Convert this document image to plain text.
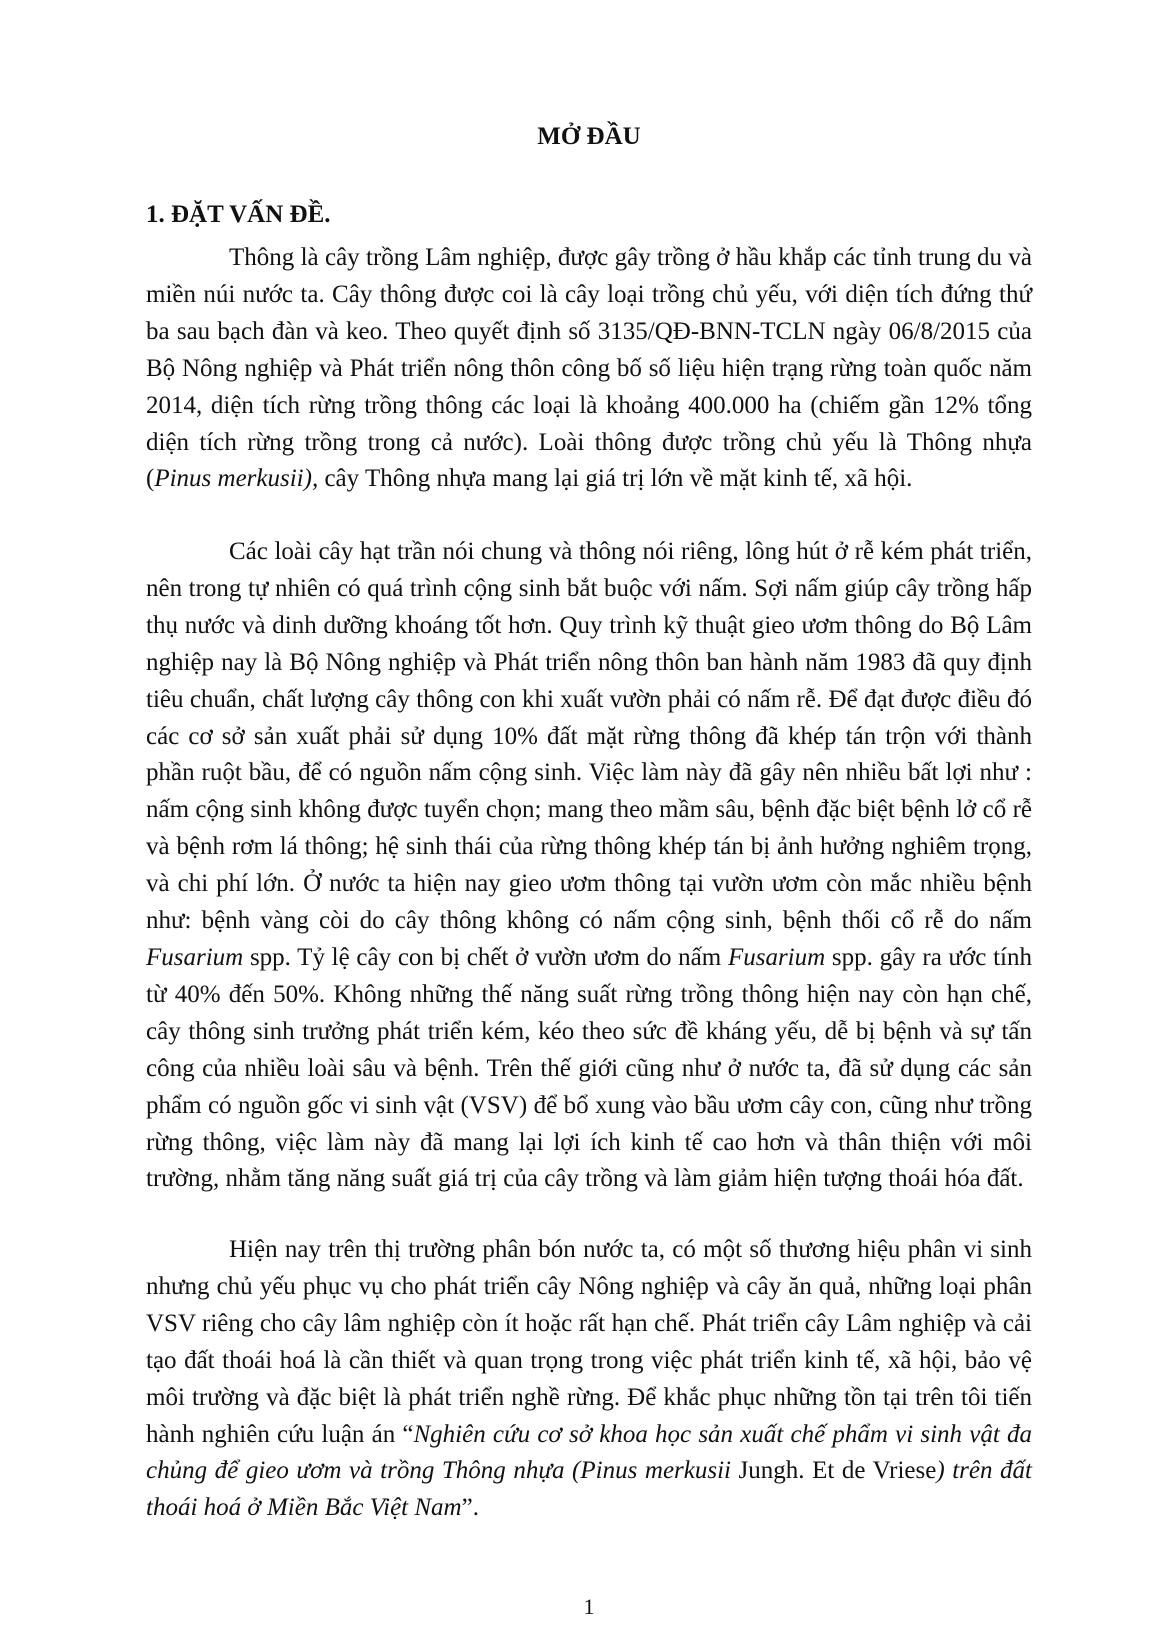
MỞ ĐẦU
1. ĐẶT VẤN ĐỀ.

Thông là cây trồng Lâm nghiệp, được gây trồng ở hầu khắp các tỉnh trung du và miền núi nước ta. Cây thông được coi là cây loại trồng chủ yếu, với diện tích đứng thứ ba sau bạch đàn và keo. Theo quyết định số 3135/QĐ-BNN-TCLN ngày 06/8/2015 của Bộ Nông nghiệp và Phát triển nông thôn công bố số liệu hiện trạng rừng toàn quốc năm 2014, diện tích rừng trồng thông các loại là khoảng 400.000 ha (chiếm gần 12% tổng diện tích rừng trồng trong cả nước). Loài thông được trồng chủ yếu là Thông nhựa (Pinus merkusii), cây Thông nhựa mang lại giá trị lớn về mặt kinh tế, xã hội.

Các loài cây hạt trần nói chung và thông nói riêng, lông hút ở rễ kém phát triển, nên trong tự nhiên có quá trình cộng sinh bắt buộc với nấm. Sợi nấm giúp cây trồng hấp thụ nước và dinh dưỡng khoáng tốt hơn. Quy trình kỹ thuật gieo ươm thông do Bộ Lâm nghiệp nay là Bộ Nông nghiệp và Phát triển nông thôn ban hành năm 1983 đã quy định tiêu chuẩn, chất lượng cây thông con khi xuất vườn phải có nấm rễ. Để đạt được điều đó các cơ sở sản xuất phải sử dụng 10% đất mặt rừng thông đã khép tán trộn với thành phần ruột bầu, để có nguồn nấm cộng sinh. Việc làm này đã gây nên nhiều bất lợi như : nấm cộng sinh không được tuyển chọn; mang theo mầm sâu, bệnh đặc biệt bệnh lở cổ rễ và bệnh rơm lá thông; hệ sinh thái của rừng thông khép tán bị ảnh hưởng nghiêm trọng, và chi phí lớn. Ở nước ta hiện nay gieo ươm thông tại vườn ươm còn mắc nhiều bệnh như: bệnh vàng còi do cây thông không có nấm cộng sinh, bệnh thối cổ rễ do nấm Fusarium spp. Tỷ lệ cây con bị chết ở vườn ươm do nấm Fusarium spp. gây ra ước tính từ 40% đến 50%. Không những thế năng suất rừng trồng thông hiện nay còn hạn chế, cây thông sinh trưởng phát triển kém, kéo theo sức đề kháng yếu, dễ bị bệnh và sự tấn công của nhiều loài sâu và bệnh. Trên thế giới cũng như ở nước ta, đã sử dụng các sản phẩm có nguồn gốc vi sinh vật (VSV) để bổ xung vào bầu ươm cây con, cũng như trồng rừng thông, việc làm này đã mang lại lợi ích kinh tế cao hơn và thân thiện với môi trường, nhằm tăng năng suất giá trị của cây trồng và làm giảm hiện tượng thoái hóa đất.

Hiện nay trên thị trường phân bón nước ta, có một số thương hiệu phân vi sinh nhưng chủ yếu phục vụ cho phát triển cây Nông nghiệp và cây ăn quả, những loại phân VSV riêng cho cây lâm nghiệp còn ít hoặc rất hạn chế. Phát triển cây Lâm nghiệp và cải tạo đất thoái hoá là cần thiết và quan trọng trong việc phát triển kinh tế, xã hội, bảo vệ môi trường và đặc biệt là phát triển nghề rừng. Để khắc phục những tồn tại trên tôi tiến hành nghiên cứu luận án “Nghiên cứu cơ sở khoa học sản xuất chế phẩm vi sinh vật đa chủng để gieo ươm và trồng Thông nhựa (Pinus merkusii Jungh. Et de Vriese) trên đất thoái hoá ở Miền Bắc Việt Nam”.

1
